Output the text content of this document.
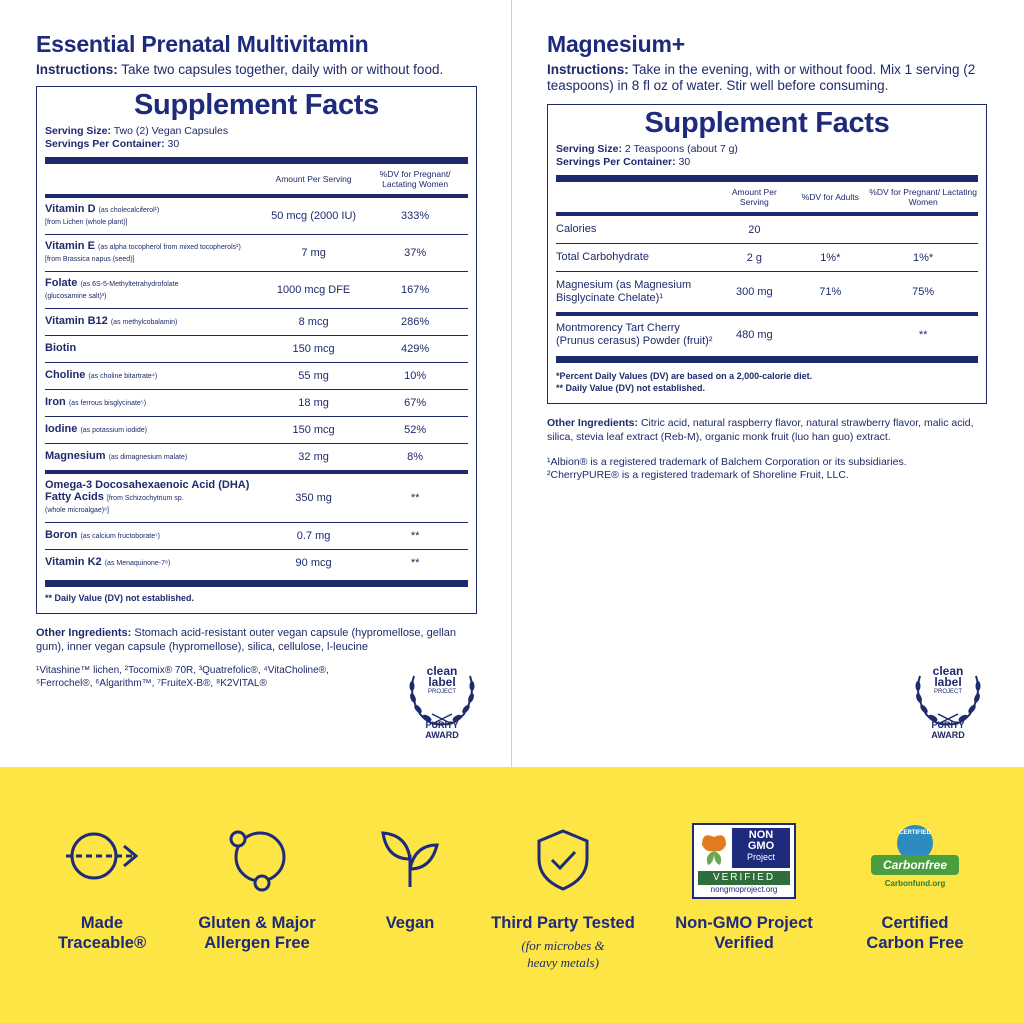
Essential Prenatal Multivitamin
Instructions: Take two capsules together, daily with or without food.
Supplement Facts
Serving Size: Two (2) Vegan Capsules
Servings Per Container: 30
	Amount Per Serving	%DV for Pregnant/ Lactating Women
Vitamin D (as cholecalciferol¹)
[from Lichen (whole plant)]	50 mcg (2000 IU)	333%
Vitamin E (as alpha tocopherol from mixed tocopherols²)
[from Brassica napus (seed)]	7 mg	37%
Folate (as 6S-5-Methyltetrahydrofolate
(glucosamine salt)³)	1000 mcg DFE	167%
Vitamin B12 (as methylcobalamin)	8 mcg	286%
Biotin	150 mcg	429%
Choline (as choline bitartrate⁴)	55 mg	10%
Iron (as ferrous bisglycinate⁵)	18 mg	67%
Iodine (as potassium iodide)	150 mcg	52%
Magnesium (as dimagnesium malate)	32 mg	8%
Omega-3 Docosahexaenoic Acid (DHA) Fatty Acids [from Schizochytrium sp.
(whole microalgae)⁶]	350 mg	**
Boron (as calcium fructoborate⁷)	0.7 mg	**
Vitamin K2 (as Menaquinone-7⁸)	90 mcg	**
** Daily Value (DV) not established.
Other Ingredients: Stomach acid-resistant outer vegan capsule (hypromellose, gellan gum), inner vegan capsule (hypromellose), silica, cellulose, l-leucine
¹Vitashine™ lichen, ²Tocomix® 70R, ³Quatrefolic®, ⁴VitaCholine®,
⁵Ferrochel®, ⁶Algarithm™, ⁷FruiteX-B®, ⁸K2VITAL®
Magnesium+
Instructions: Take in the evening, with or without food. Mix 1 serving (2 teaspoons) in 8 fl oz of water. Stir well before consuming.
Supplement Facts
Serving Size: 2 Teaspoons (about 7 g)
Servings Per Container: 30
	Amount Per Serving	%DV for Adults	%DV for Pregnant/ Lactating Women
Calories	20		
Total Carbohydrate	2 g	1%*	1%*
Magnesium (as Magnesium Bisglycinate Chelate)¹	300 mg	71%	75%
Montmorency Tart Cherry
(Prunus cerasus) Powder (fruit)²	480 mg		**
*Percent Daily Values (DV) are based on a 2,000-calorie diet.
** Daily Value (DV) not established.
Other Ingredients: Citric acid, natural raspberry flavor, natural strawberry flavor, malic acid, silica, stevia leaf extract (Reb-M), organic monk fruit (luo han guo) extract.
¹Albion® is a registered trademark of Balchem Corporation or its subsidiaries.
²CherryPURE® is a registered trademark of Shoreline Fruit, LLC.
clean
label
PROJECT
PURITY
AWARD
clean
label
PROJECT
PURITY
AWARD
Made Traceable®
Gluten & Major Allergen Free
Vegan	Third Party Tested
(for microbes & heavy metals)
NON
GMO
Project
VERIFIED
nongmoproject.org
Non-GMO Project Verified
CERTIFIED
Carbonfree
Carbonfund.org
Certified Carbon Free
